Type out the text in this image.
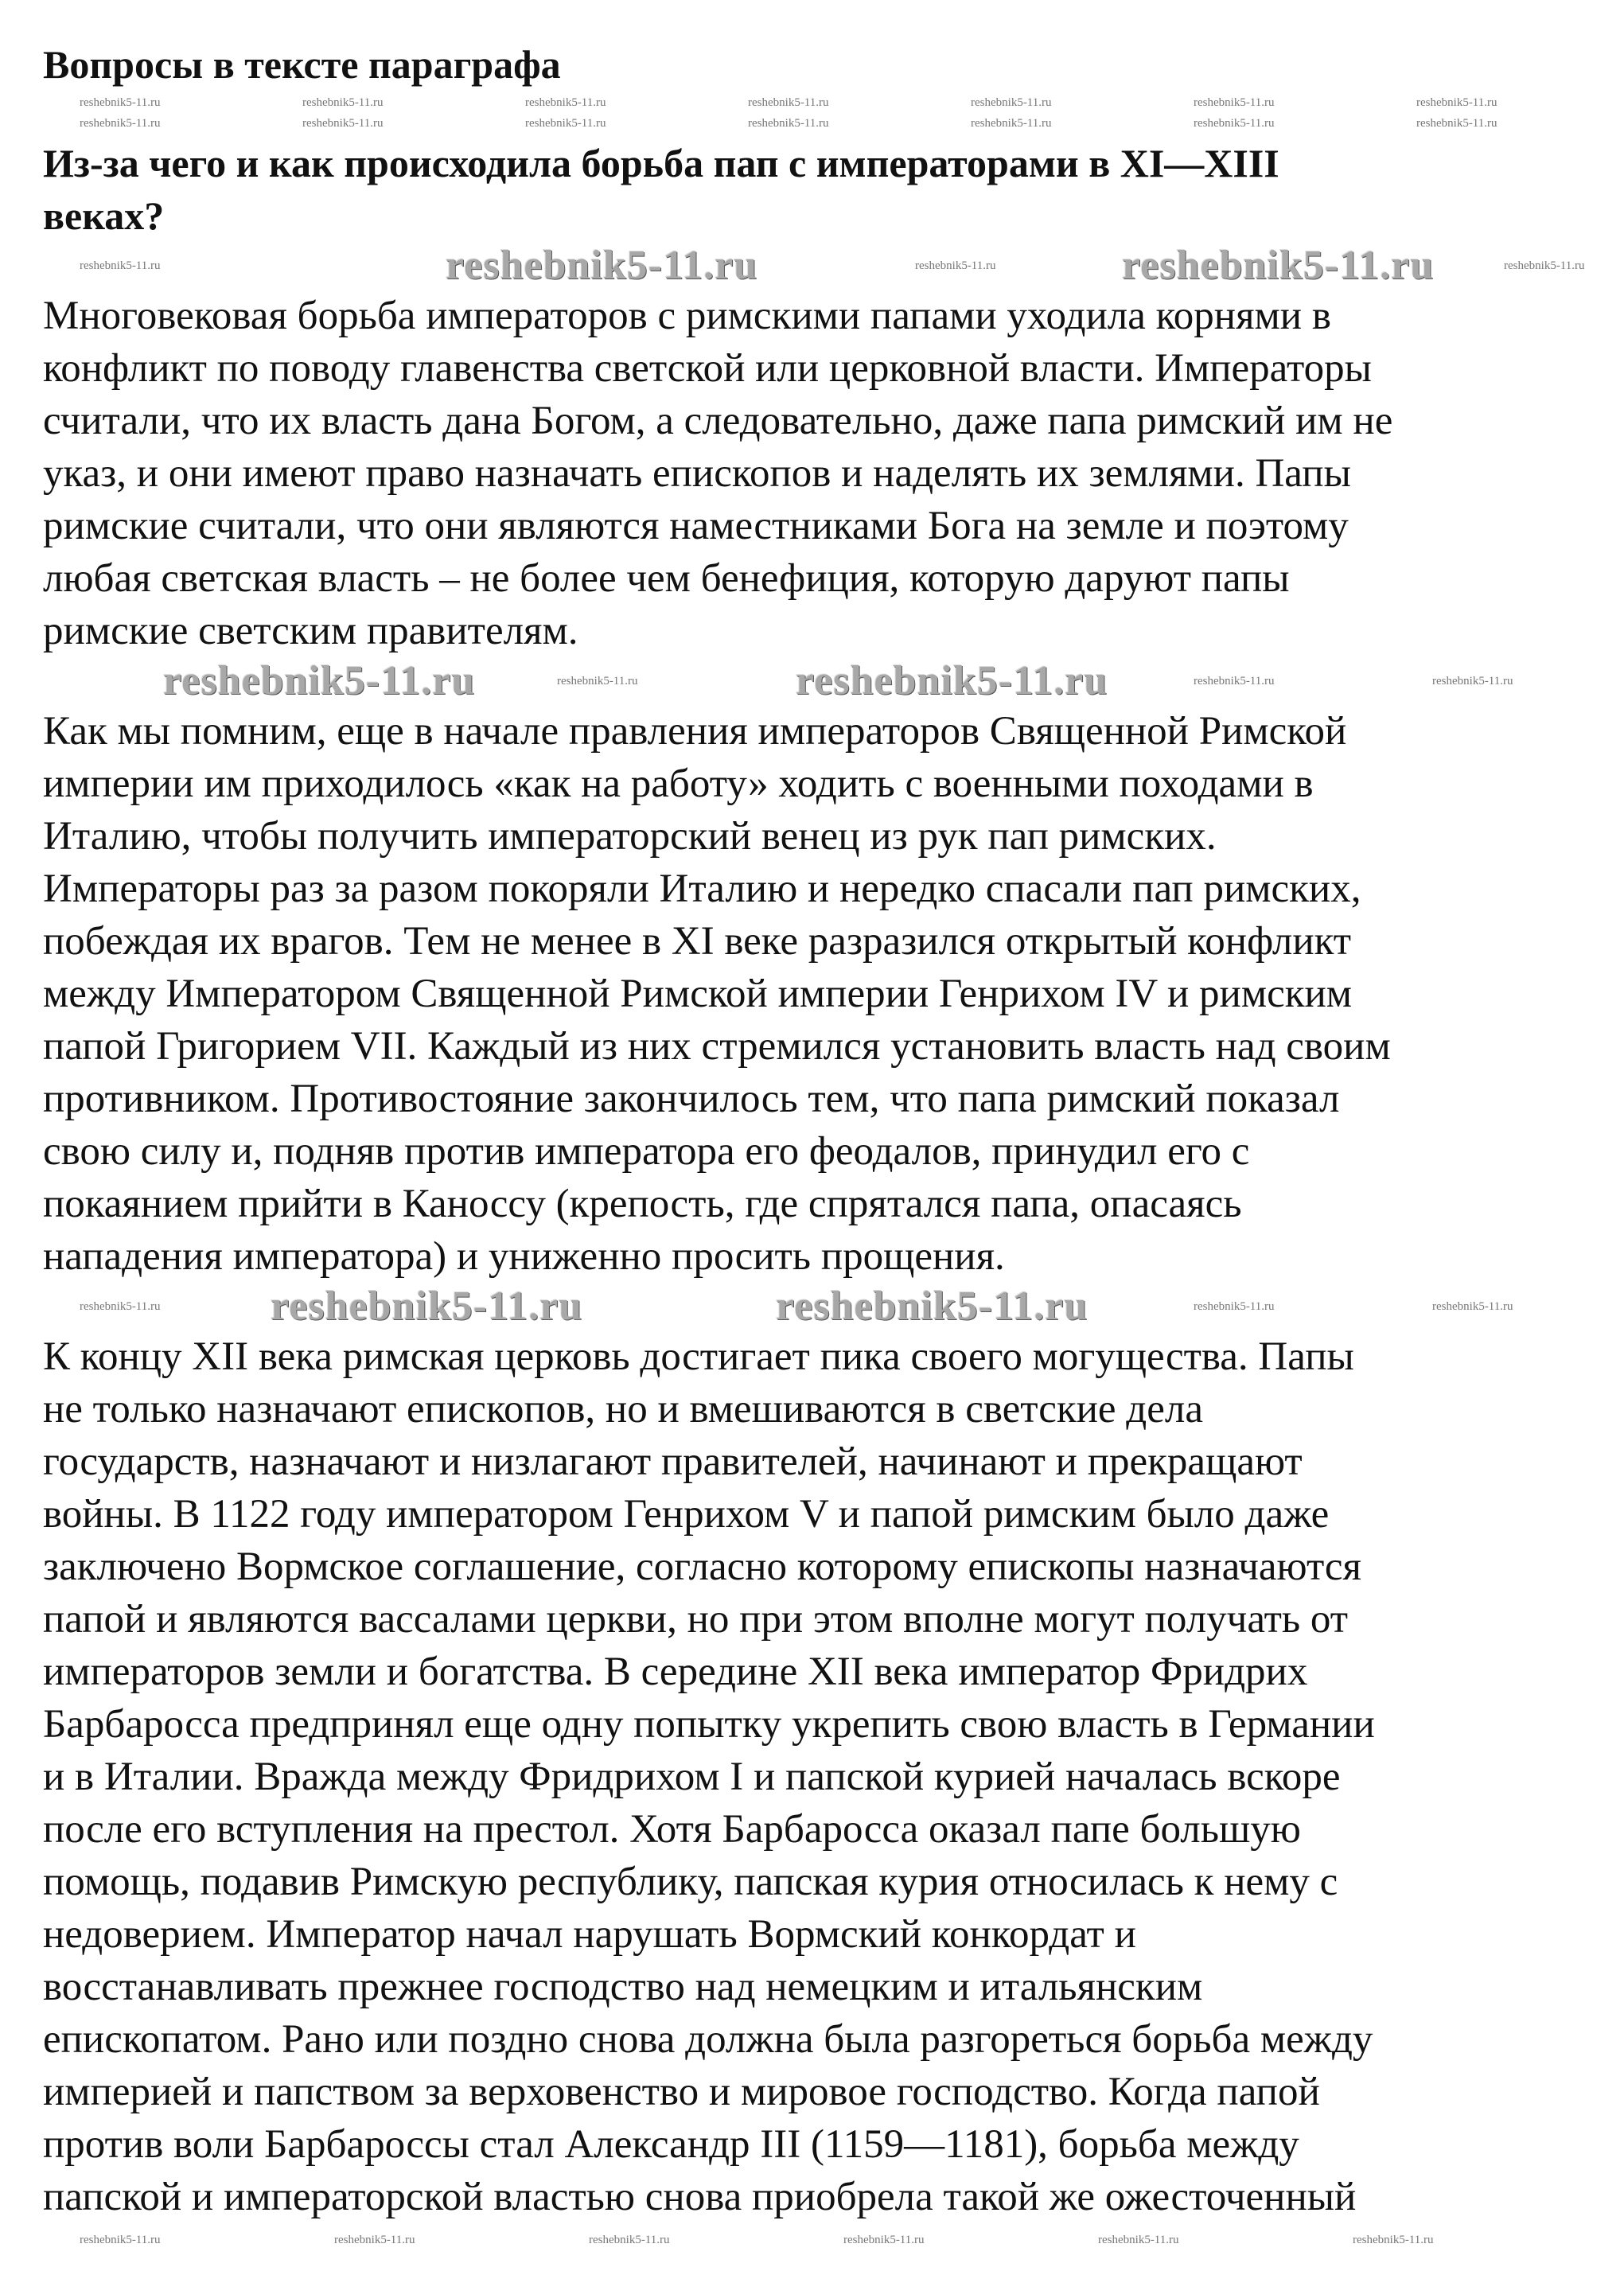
Вопросы в тексте параграфа
Из-за чего и как происходила борьба пап с императорами в XI—XIII
веках?
Многовековая борьба императоров с римскими папами уходила корнями в
конфликт по поводу главенства светской или церковной власти. Императоры
считали, что их власть дана Богом, а следовательно, даже папа римский им не
указ, и они имеют право назначать епископов и наделять их землями. Папы
римские считали, что они являются наместниками Бога на земле и поэтому
любая светская власть – не более чем бенефиция, которую даруют папы
римские светским правителям.
Как мы помним, еще в начале правления императоров Священной Римской
империи им приходилось «как на работу» ходить с военными походами в
Италию, чтобы получить императорский венец из рук пап римских.
Императоры раз за разом покоряли Италию и нередко спасали пап римских,
побеждая их врагов. Тем не менее в XI веке разразился открытый конфликт
между Императором Священной Римской империи Генрихом IV и римским
папой Григорием VII. Каждый из них стремился установить власть над своим
противником. Противостояние закончилось тем, что папа римский показал
свою силу и, подняв против императора его феодалов, принудил его с
покаянием прийти в Каноссу (крепость, где спрятался папа, опасаясь
нападения императора) и униженно просить прощения.
К концу XII века римская церковь достигает пика своего могущества. Папы
не только назначают епископов, но и вмешиваются в светские дела
государств, назначают и низлагают правителей, начинают и прекращают
войны. В 1122 году императором Генрихом V и папой римским было даже
заключено Вормское соглашение, согласно которому епископы назначаются
папой и являются вассалами церкви, но при этом вполне могут получать от
императоров земли и богатства. В середине XII века император Фридрих
Барбаросса предпринял еще одну попытку укрепить свою власть в Германии
и в Италии. Вражда между Фридрихом I и папской курией началась вскоре
после его вступления на престол. Хотя Барбаросса оказал папе большую
помощь, подавив Римскую республику, папская курия относилась к нему с
недоверием. Император начал нарушать Вормский конкордат и
восстанавливать прежнее господство над немецким и итальянским
епископатом. Рано или поздно снова должна была разгореться борьба между
империей и папством за верховенство и мировое господство. Когда папой
против воли Барбароссы стал Александр III (1159—1181), борьба между
папской и императорской властью снова приобрела такой же ожесточенный
reshebnik5-11.ru	reshebnik5-11.ru
reshebnik5-11.ru	reshebnik5-11.ru
reshebnik5-11.ru	reshebnik5-11.ru
reshebnik5-11.ru	reshebnik5-11.ru	reshebnik5-11.ru	reshebnik5-11.ru	reshebnik5-11.ru	reshebnik5-11.ru	reshebnik5-11.ru
reshebnik5-11.ru	reshebnik5-11.ru	reshebnik5-11.ru	reshebnik5-11.ru	reshebnik5-11.ru	reshebnik5-11.ru	reshebnik5-11.ru
reshebnik5-11.ru	reshebnik5-11.ru	reshebnik5-11.ru
reshebnik5-11.ru	reshebnik5-11.ru	reshebnik5-11.ru
reshebnik5-11.ru	reshebnik5-11.ru	reshebnik5-11.ru
reshebnik5-11.ru	reshebnik5-11.ru	reshebnik5-11.ru	reshebnik5-11.ru	reshebnik5-11.ru	reshebnik5-11.ru
